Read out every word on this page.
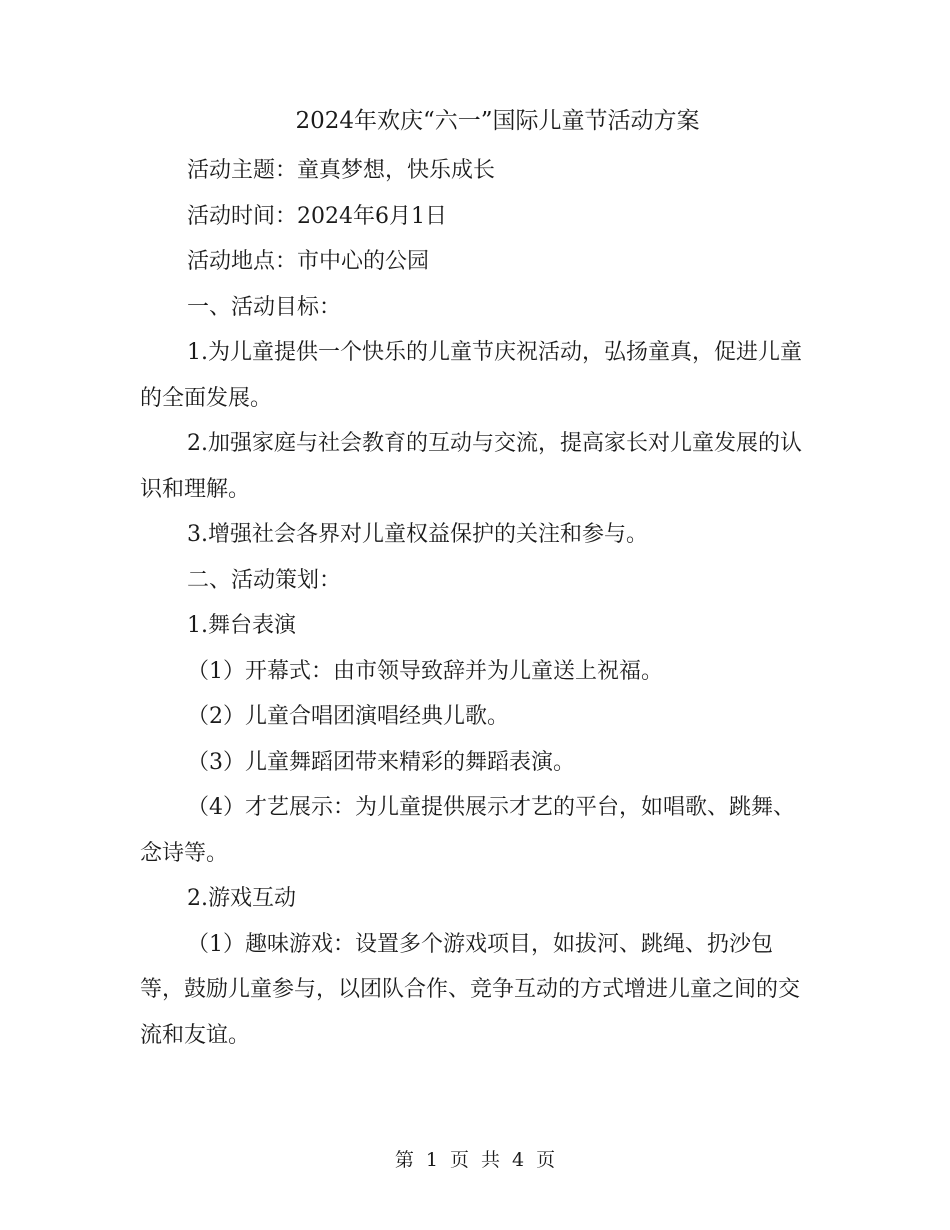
2024年欢庆“六一”国际儿童节活动方案

活动主题：童真梦想，快乐成长

活动时间：2024年6月1日

活动地点：市中心的公园

一、活动目标：

1.为儿童提供一个快乐的儿童节庆祝活动，弘扬童真，促进儿童的全面发展。

2.加强家庭与社会教育的互动与交流，提高家长对儿童发展的认识和理解。

3.增强社会各界对儿童权益保护的关注和参与。

二、活动策划：

1.舞台表演

（1）开幕式：由市领导致辞并为儿童送上祝福。

（2）儿童合唱团演唱经典儿歌。

（3）儿童舞蹈团带来精彩的舞蹈表演。

（4）才艺展示：为儿童提供展示才艺的平台，如唱歌、跳舞、念诗等。

2.游戏互动

（1）趣味游戏：设置多个游戏项目，如拔河、跳绳、扔沙包等，鼓励儿童参与，以团队合作、竞争互动的方式增进儿童之间的交流和友谊。

第 1 页 共 4 页
